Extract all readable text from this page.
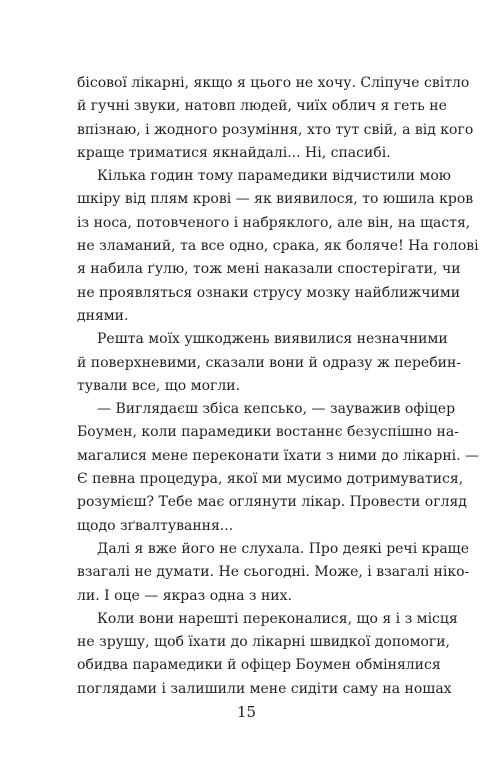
бісової лікарні, якщо я цього не хочу. Сліпуче світло
й гучні звуки, натовп людей, чиїх облич я геть не
впізнаю, і жодного розуміння, хто тут свій, а від кого
краще триматися якнайдалі... Ні, спасибі.
Кілька годин тому парамедики відчистили мою
шкіру від плям крові — як виявилося, то юшила кров
із носа, потовченого і набряклого, але він, на щастя,
не зламаний, та все одно, срака, як боляче! На голові
я набила ґулю, тож мені наказали спостерігати, чи
не проявляться ознаки струсу мозку найближчими
днями.
Решта моїх ушкоджень виявилися незначними
й поверхневими, сказали вони й одразу ж перебин-
тували все, що могли.
— Виглядаєш збіса кепсько, — зауважив офіцер
Боумен, коли парамедики востаннє безуспішно на-
магалися мене переконати їхати з ними до лікарні. —
Є певна процедура, якої ми мусимо дотримуватися,
розумієш? Тебе має оглянути лікар. Провести огляд
щодо зґвалтування...
Далі я вже його не слухала. Про деякі речі краще
взагалі не думати. Не сьогодні. Може, і взагалі ніко-
ли. І оце — якраз одна з них.
Коли вони нарешті переконалися, що я і з місця
не зрушу, щоб їхати до лікарні швидкої допомоги,
обидва парамедики й офіцер Боумен обмінялися
поглядами і залишили мене сидіти саму на ношах
15
